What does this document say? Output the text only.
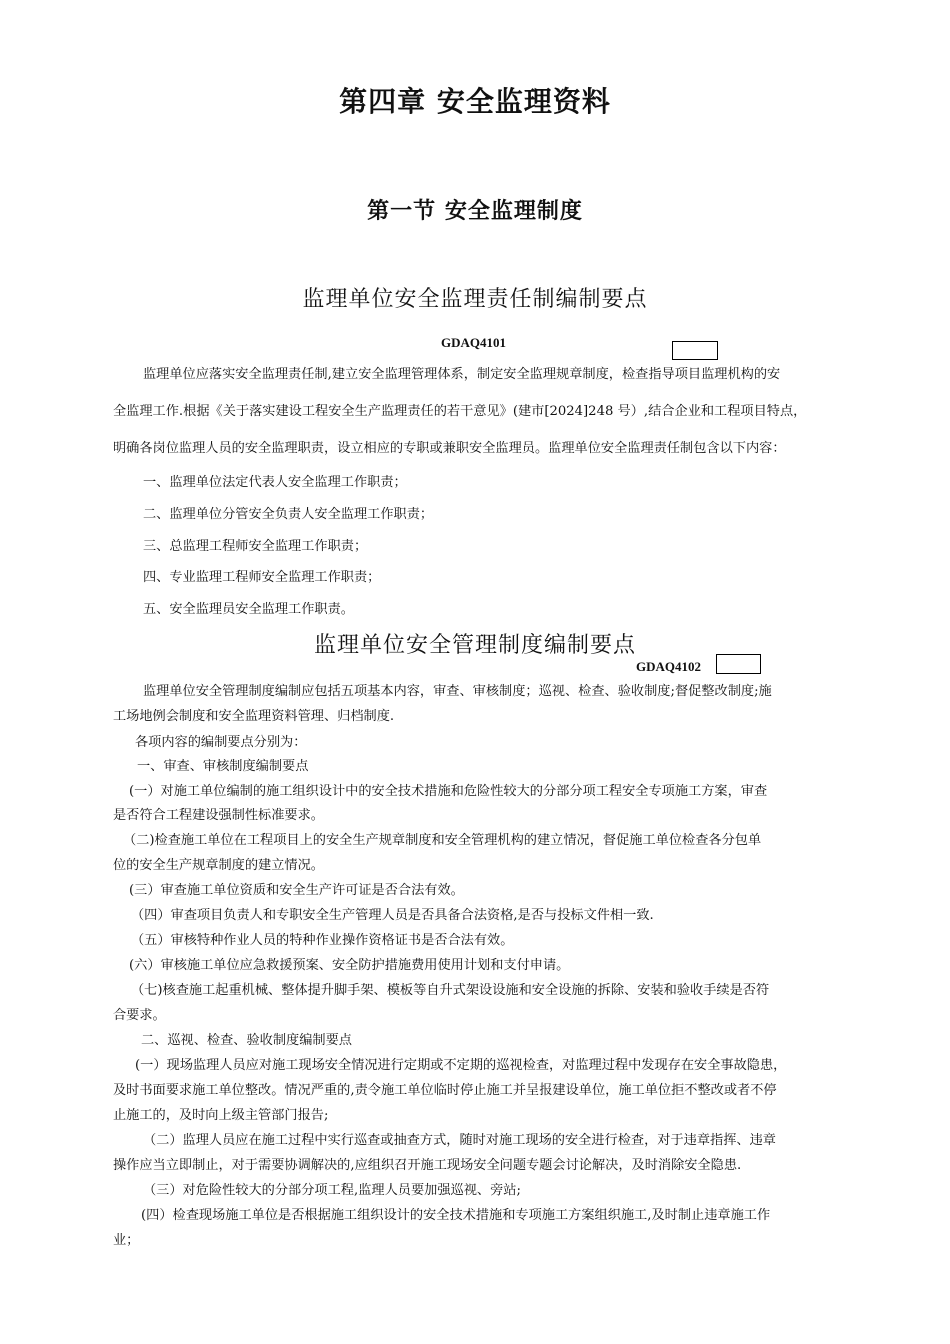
第四章 安全监理资料
第一节 安全监理制度
监理单位安全监理责任制编制要点
GDAQ4101
监理单位应落实安全监理责任制,建立安全监理管理体系，制定安全监理规章制度，检查指导项目监理机构的安
全监理工作.根据《关于落实建设工程安全生产监理责任的若干意见》(建市[2024]248 号）,结合企业和工程项目特点，
明确各岗位监理人员的安全监理职责，设立相应的专职或兼职安全监理员。监理单位安全监理责任制包含以下内容：
一、监理单位法定代表人安全监理工作职责；
二、监理单位分管安全负责人安全监理工作职责；
三、总监理工程师安全监理工作职责；
四、专业监理工程师安全监理工作职责；
五、安全监理员安全监理工作职责。
监理单位安全管理制度编制要点
GDAQ4102
监理单位安全管理制度编制应包括五项基本内容，审查、审核制度；巡视、检查、验收制度;督促整改制度;施
工场地例会制度和安全监理资料管理、归档制度.
各项内容的编制要点分别为：
一、审查、审核制度编制要点
(一）对施工单位编制的施工组织设计中的安全技术措施和危险性较大的分部分项工程安全专项施工方案，审查
是否符合工程建设强制性标准要求。
（二)检查施工单位在工程项目上的安全生产规章制度和安全管理机构的建立情况，督促施工单位检查各分包单
位的安全生产规章制度的建立情况。
(三）审查施工单位资质和安全生产许可证是否合法有效。
（四）审查项目负责人和专职安全生产管理人员是否具备合法资格,是否与投标文件相一致.
（五）审核特种作业人员的特种作业操作资格证书是否合法有效。
(六）审核施工单位应急救援预案、安全防护措施费用使用计划和支付申请。
（七)核查施工起重机械、整体提升脚手架、模板等自升式架设设施和安全设施的拆除、安装和验收手续是否符
合要求。
二、巡视、检查、验收制度编制要点
(一）现场监理人员应对施工现场安全情况进行定期或不定期的巡视检查，对监理过程中发现存在安全事故隐患，
及时书面要求施工单位整改。情况严重的,责令施工单位临时停止施工并呈报建设单位，施工单位拒不整改或者不停
止施工的，及时向上级主管部门报告;
（二）监理人员应在施工过程中实行巡查或抽查方式，随时对施工现场的安全进行检查，对于违章指挥、违章
操作应当立即制止，对于需要协调解决的,应组织召开施工现场安全问题专题会讨论解决，及时消除安全隐患.
（三）对危险性较大的分部分项工程,监理人员要加强巡视、旁站;
(四）检查现场施工单位是否根据施工组织设计的安全技术措施和专项施工方案组织施工,及时制止违章施工作
业；
